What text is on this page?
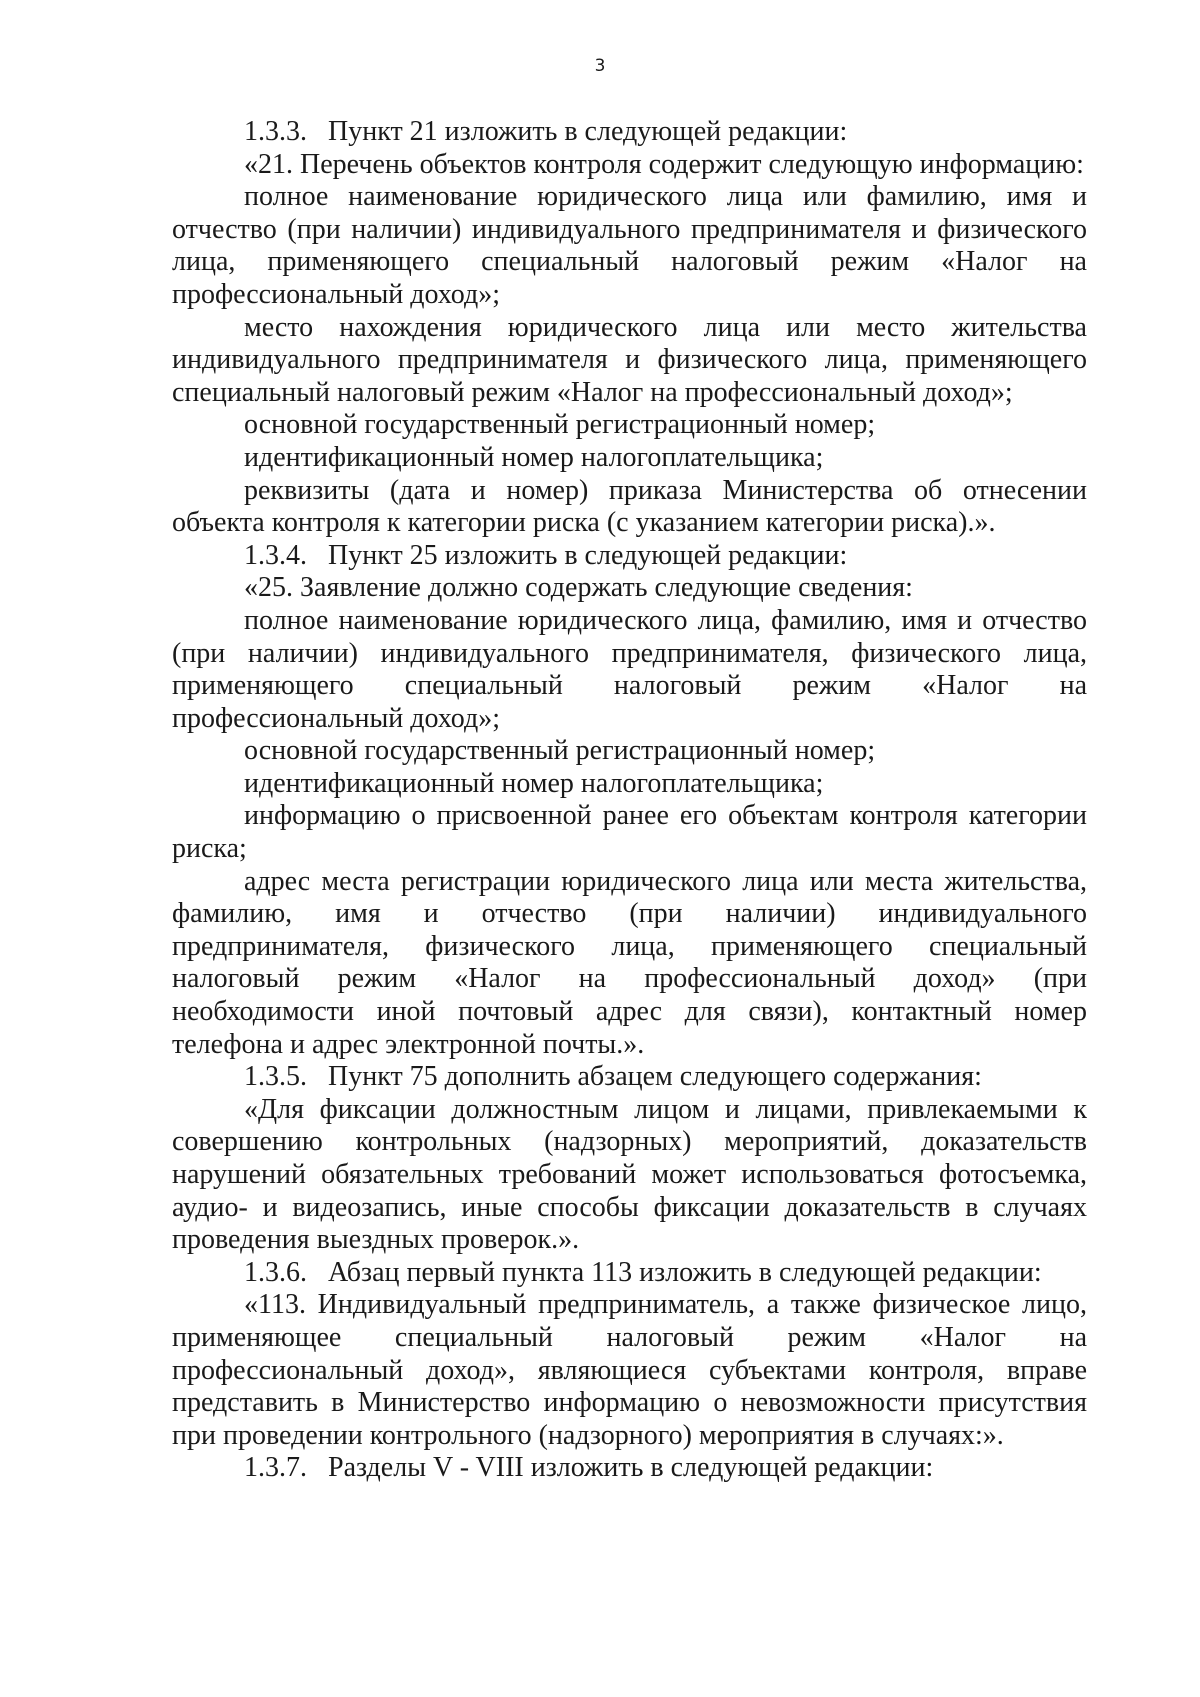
3

1.3.3.  Пункт 21 изложить в следующей редакции:

«21. Перечень объектов контроля содержит следующую информацию:

полное наименование юридического лица или фамилию, имя и отчество (при наличии) индивидуального предпринимателя и физического лица, применяющего специальный налоговый режим «Налог на профессиональный доход»;

место нахождения юридического лица или место жительства индивидуального предпринимателя и физического лица, применяющего специальный налоговый режим «Налог на профессиональный доход»;

основной государственный регистрационный номер;

идентификационный номер налогоплательщика;

реквизиты (дата и номер) приказа Министерства об отнесении объекта контроля к категории риска (с указанием категории риска).».

1.3.4.  Пункт 25 изложить в следующей редакции:

«25. Заявление должно содержать следующие сведения:

полное наименование юридического лица, фамилию, имя и отчество (при наличии) индивидуального предпринимателя, физического лица, применяющего специальный налоговый режим «Налог на профессиональный доход»;

основной государственный регистрационный номер;

идентификационный номер налогоплательщика;

информацию о присвоенной ранее его объектам контроля категории риска;

адрес места регистрации юридического лица или места жительства, фамилию, имя и отчество (при наличии) индивидуального предпринимателя, физического лица, применяющего специальный налоговый режим «Налог на профессиональный доход» (при необходимости иной почтовый адрес для связи), контактный номер телефона и адрес электронной почты.».

1.3.5.  Пункт 75 дополнить абзацем следующего содержания:

«Для фиксации должностным лицом и лицами, привлекаемыми к совершению контрольных (надзорных) мероприятий, доказательств нарушений обязательных требований может использоваться фотосъемка, аудио- и видеозапись, иные способы фиксации доказательств в случаях проведения выездных проверок.».

1.3.6.  Абзац первый пункта 113 изложить в следующей редакции:

«113. Индивидуальный предприниматель, а также физическое лицо, применяющее специальный налоговый режим «Налог на профессиональный доход», являющиеся субъектами контроля, вправе представить в Министерство информацию о невозможности присутствия при проведении контрольного (надзорного) мероприятия в случаях:».

1.3.7.  Разделы V - VIII изложить в следующей редакции:
